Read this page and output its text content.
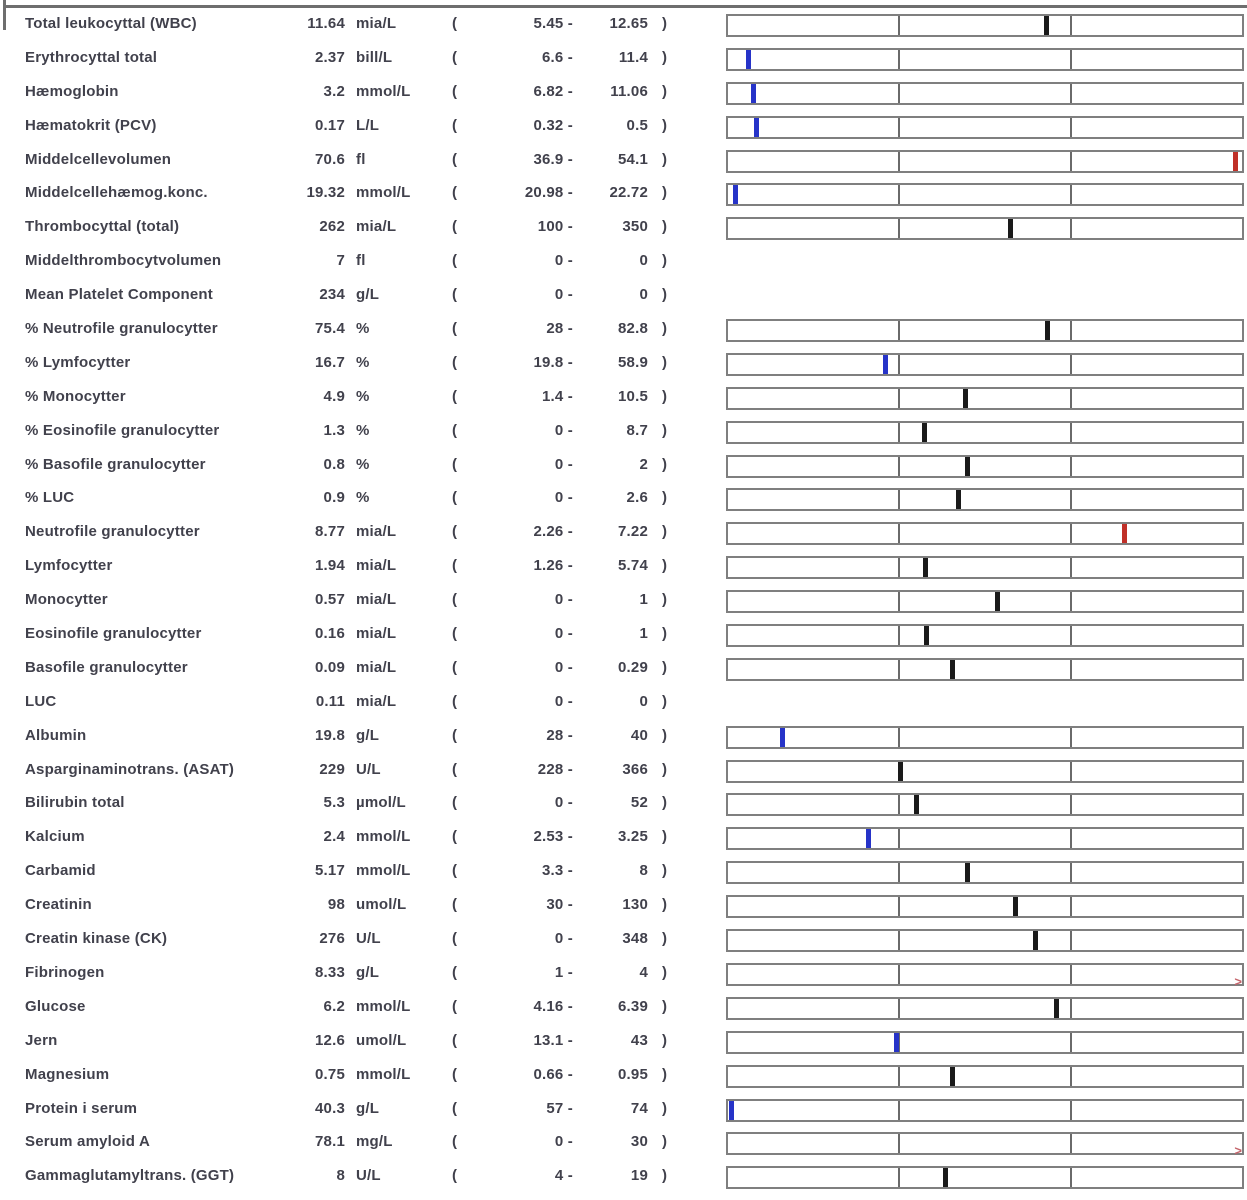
Total leukocyttal (WBC)	11.64 mia/L	(	5.45 -	12.65 )
Erythrocyttal total	2.37 bill/L	(	6.6 -	11.4 )
Hæmoglobin	3.2 mmol/L	(	6.82 -	11.06 )
Hæmatokrit (PCV)	0.17 L/L	(	0.32 -	0.5 )
Middelcellevolumen	70.6 fl	(	36.9 -	54.1 )
Middelcellehæmog.konc.	19.32 mmol/L	(	20.98 -	22.72 )
Thrombocyttal (total)	262 mia/L	(	100 -	350 )
Middelthrombocytvolumen	7 fl	(	0 -	0 )
Mean Platelet Component	234 g/L	(	0 -	0 )
% Neutrofile granulocytter	75.4 %	(	28 -	82.8 )
% Lymfocytter	16.7 %	(	19.8 -	58.9 )
% Monocytter	4.9 %	(	1.4 -	10.5 )
% Eosinofile granulocytter	1.3 %	(	0 -	8.7 )
% Basofile granulocytter	0.8 %	(	0 -	2 )
% LUC	0.9 %	(	0 -	2.6 )
Neutrofile granulocytter	8.77 mia/L	(	2.26 -	7.22 )
Lymfocytter	1.94 mia/L	(	1.26 -	5.74 )
Monocytter	0.57 mia/L	(	0 -	1 )
Eosinofile granulocytter	0.16 mia/L	(	0 -	1 )
Basofile granulocytter	0.09 mia/L	(	0 -	0.29 )
LUC	0.11 mia/L	(	0 -	0 )
Albumin	19.8 g/L	(	28 -	40 )
Asparginaminotrans. (ASAT)	229 U/L	(	228 -	366 )
Bilirubin total	5.3 µmol/L	(	0 -	52 )
Kalcium	2.4 mmol/L	(	2.53 -	3.25 )
Carbamid	5.17 mmol/L	(	3.3 -	8 )
Creatinin	98 umol/L	(	30 -	130 )
Creatin kinase (CK)	276 U/L	(	0 -	348 )
Fibrinogen	8.33 g/L	(	1 -	4 )
>
Glucose	6.2 mmol/L	(	4.16 -	6.39 )
Jern	12.6 umol/L	(	13.1 -	43 )
Magnesium	0.75 mmol/L	(	0.66 -	0.95 )
Protein i serum	40.3 g/L	(	57 -	74 )
Serum amyloid A	78.1 mg/L	(	0 -	30 )
>
Gammaglutamyltrans. (GGT)	8 U/L	(	4 -	19 )
